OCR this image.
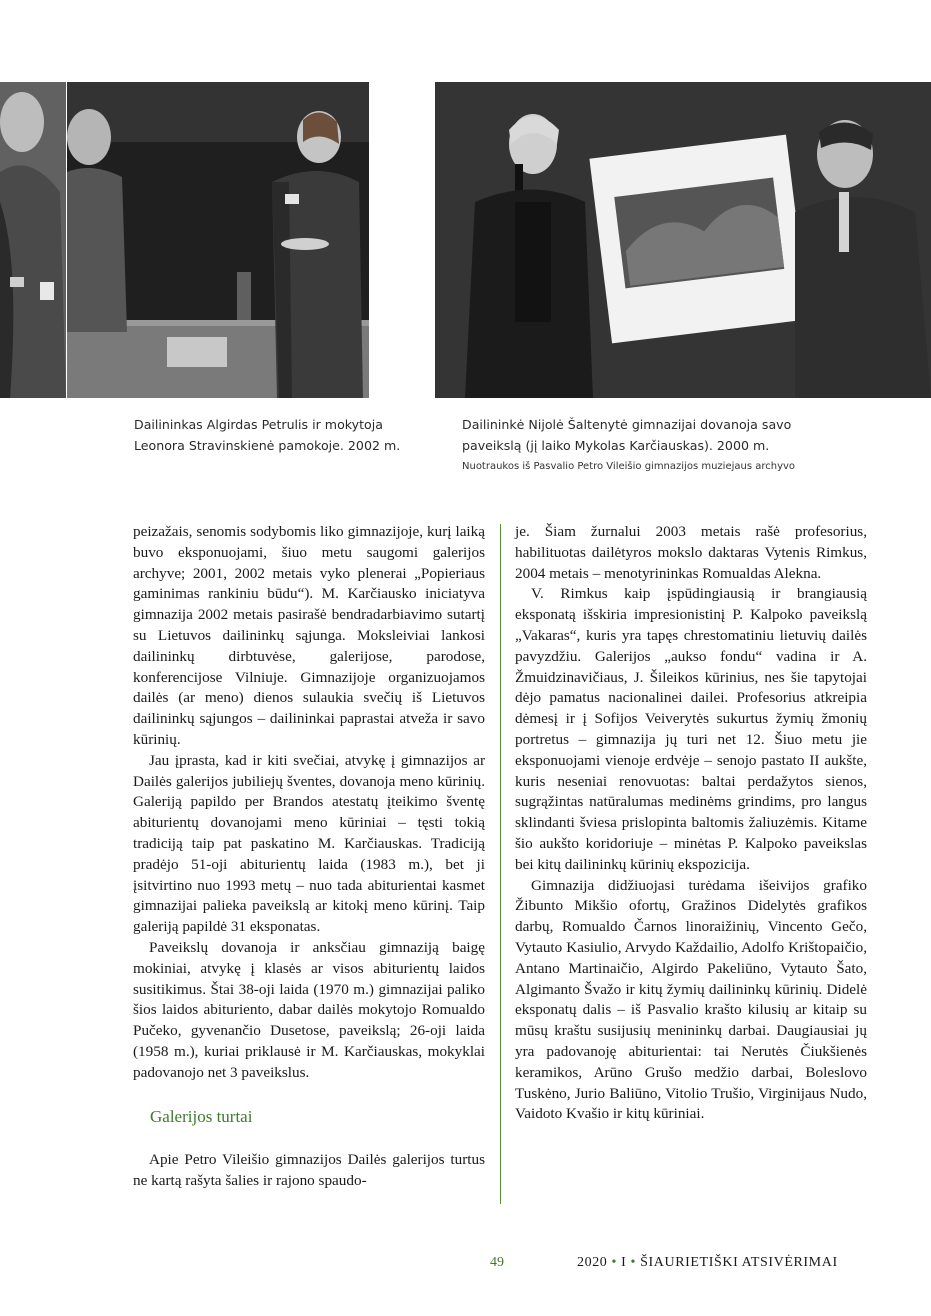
Dailininkas Algirdas Petrulis ir mokytoja

Leonora Stravinskienė pamokoje. 2002 m.

Dailininkė Nijolė Šaltenytė gimnazijai dovanoja savo

paveikslą (jį laiko Mykolas Karčiauskas). 2000 m.

Nuotraukos iš Pasvalio Petro Vileišio gimnazijos muziejaus archyvo

peizažais, senomis sodybomis liko gimnazijoje, kurį laiką buvo eksponuojami, šiuo metu saugomi galerijos archyve; 2001, 2002 metais vyko plenerai „Popieriaus gaminimas rankiniu būdu“). M. Karčiausko iniciatyva gimnazija 2002 metais pasirašė bendradarbiavimo sutartį su Lietuvos dailininkų sąjunga. Moksleiviai lankosi dailininkų dirbtuvėse, galerijose, parodose, konferencijose Vilniuje. Gimnazijoje organizuojamos dailės (ar meno) dienos sulaukia svečių iš Lietuvos dailininkų sąjungos – dailininkai paprastai atveža ir savo kūrinių.

Jau įprasta, kad ir kiti svečiai, atvykę į gimnazijos ar Dailės galerijos jubiliejų šventes, dovanoja meno kūrinių. Galeriją papildo per Brandos atestatų įteikimo šventę abiturientų dovanojami meno kūriniai – tęsti tokią tradiciją taip pat paskatino M. Karčiauskas. Tradiciją pradėjo 51-oji abiturientų laida (1983 m.), bet ji įsitvirtino nuo 1993 metų – nuo tada abiturientai kasmet gimnazijai palieka paveikslą ar kitokį meno kūrinį. Taip galeriją papildė 31 eksponatas.

Paveikslų dovanoja ir anksčiau gimnaziją baigę mokiniai, atvykę į klasės ar visos abiturientų laidos susitikimus. Štai 38-oji laida (1970 m.) gimnazijai paliko šios laidos abituriento, dabar dailės mokytojo Romualdo Pučeko, gyvenančio Dusetose, paveikslą; 26-oji laida (1958 m.), kuriai priklausė ir M. Karčiauskas, mokyklai padovanojo net 3 paveikslus.

Galerijos turtai

Apie Petro Vileišio gimnazijos Dailės galerijos turtus ne kartą rašyta šalies ir rajono spaudo-

je. Šiam žurnalui 2003 metais rašė profesorius, habilituotas dailėtyros mokslo daktaras Vytenis Rimkus, 2004 metais – menotyrininkas Romualdas Alekna.

V. Rimkus kaip įspūdingiausią ir brangiausią eksponatą išskiria impresionistinį P. Kalpoko paveikslą „Vakaras“, kuris yra tapęs chrestomatiniu lietuvių dailės pavyzdžiu. Galerijos „aukso fondu“ vadina ir A. Žmuidzinavičiaus, J. Šileikos kūrinius, nes šie tapytojai dėjo pamatus nacionalinei dailei. Profesorius atkreipia dėmesį ir į Sofijos Veiverytės sukurtus žymių žmonių portretus – gimnazija jų turi net 12. Šiuo metu jie eksponuojami vienoje erdvėje – senojo pastato II aukšte, kuris neseniai renovuotas: baltai perdažytos sienos, sugrąžintas natūralumas medinėms grindims, pro langus sklindanti šviesa prislopinta baltomis žaliuzėmis. Kitame šio aukšto koridoriuje – minėtas P. Kalpoko paveikslas bei kitų dailininkų kūrinių ekspozicija.

Gimnazija didžiuojasi turėdama išeivijos grafiko Žibunto Mikšio ofortų, Gražinos Didelytės grafikos darbų, Romualdo Čarnos linoraižinių, Vincento Gečo, Vytauto Kasiulio, Arvydo Každailio, Adolfo Krištopaičio, Antano Martinaičio, Algirdo Pakeliūno, Vytauto Šato, Algimanto Švažo ir kitų žymių dailininkų kūrinių. Didelė eksponatų dalis – iš Pasvalio krašto kilusių ar kitaip su mūsų kraštu susijusių menininkų darbai. Daugiausiai jų yra padovanoję abiturientai: tai Nerutės Čiukšienės keramikos, Arūno Grušo medžio darbai, Boleslovo Tuskėno, Jurio Baliūno, Vitolio Trušio, Virginijaus Nudo, Vaidoto Kvašio ir kitų kūriniai.

49	2020 • I • ŠIAURIETIŠKI ATSIVĖRIMAI
